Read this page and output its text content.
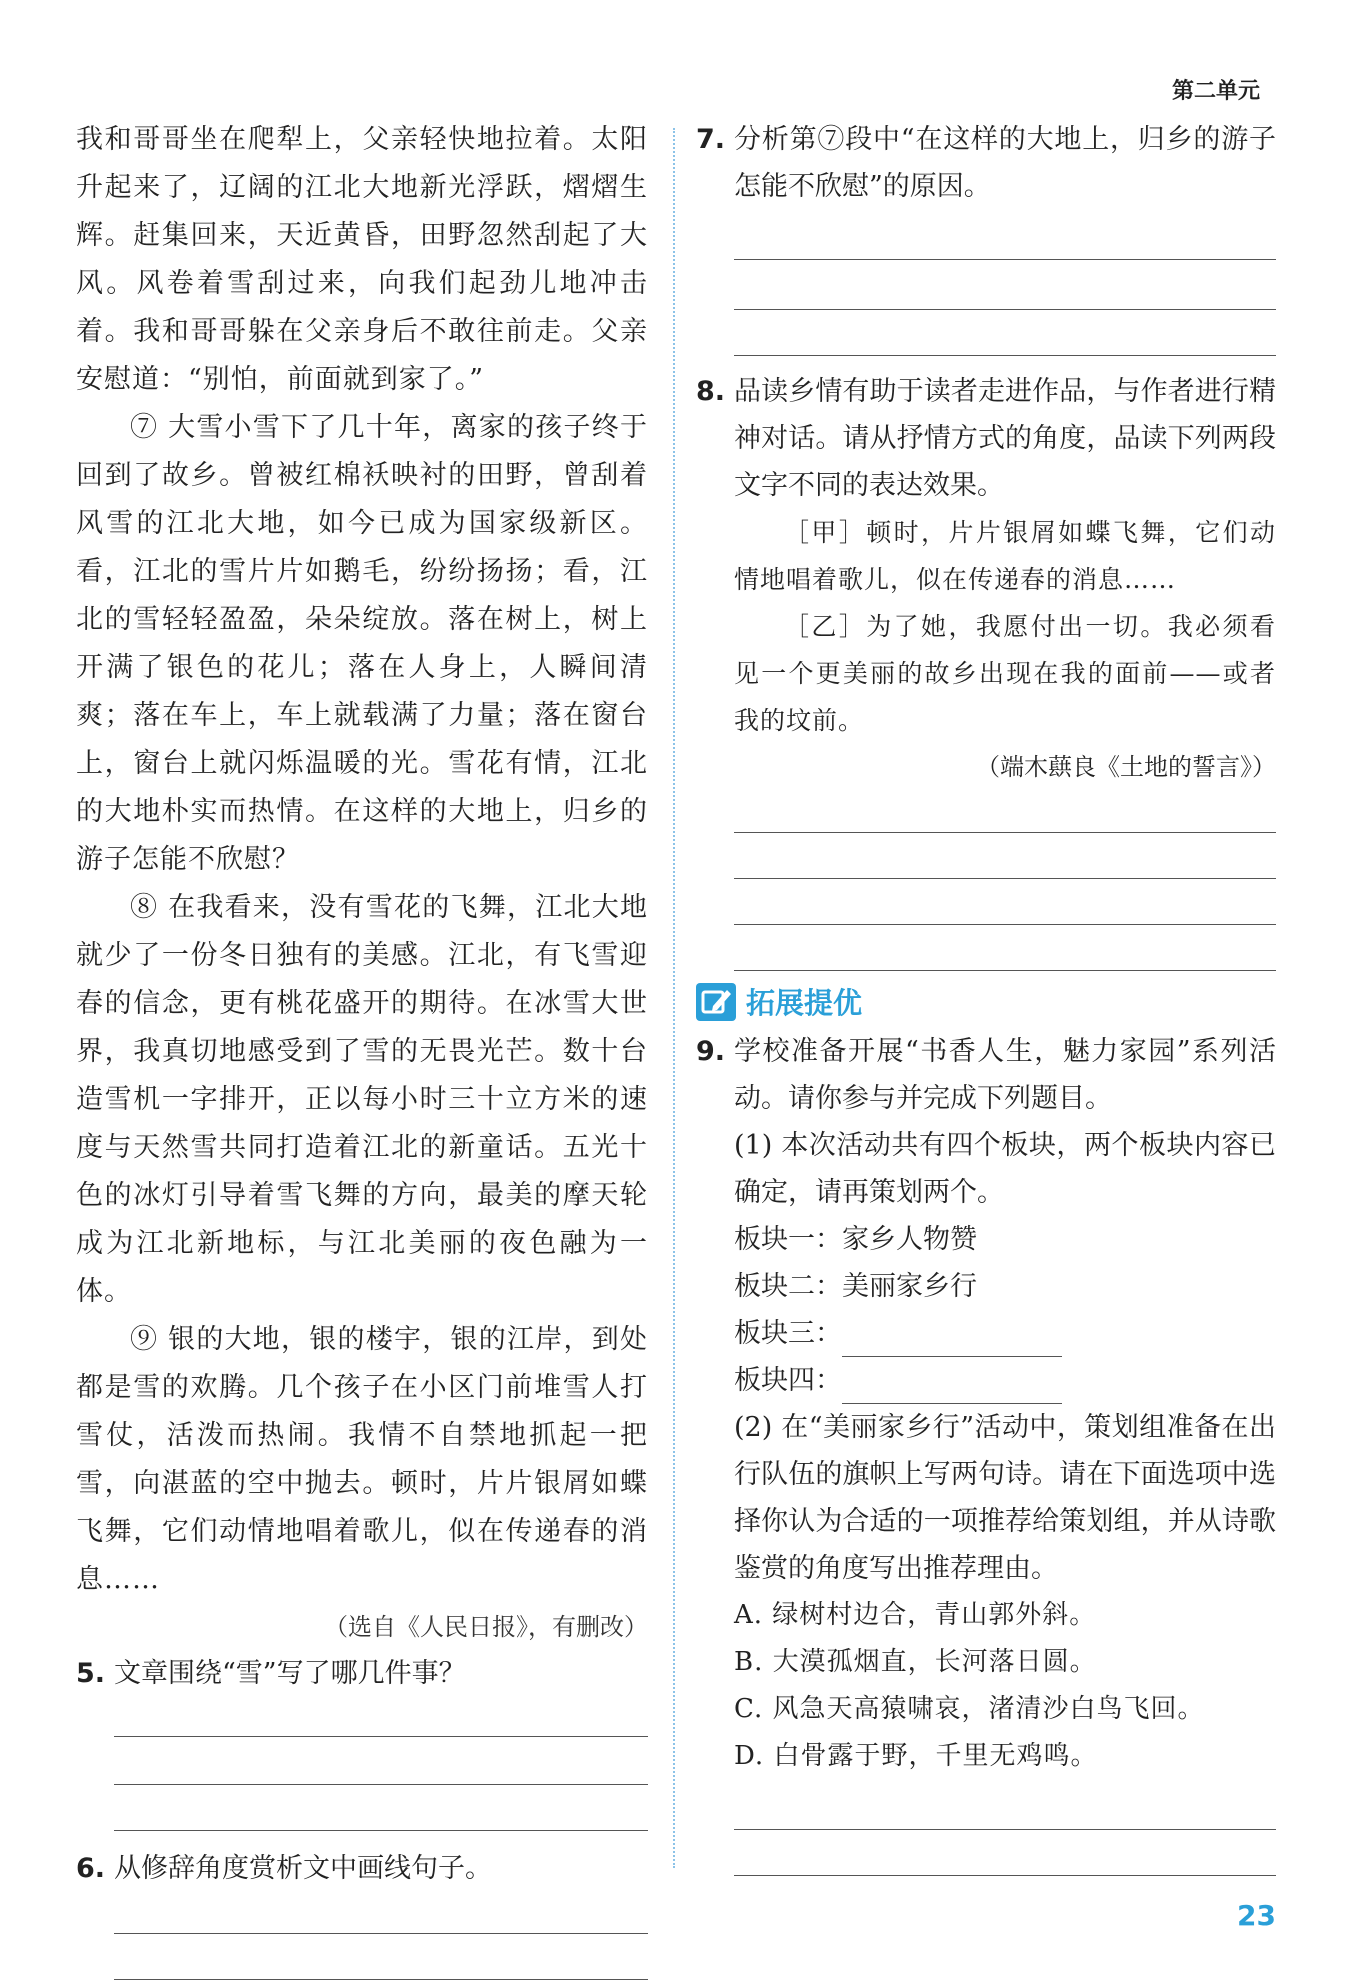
第二单元

我和哥哥坐在爬犁上，父亲轻快地拉着。太阳升起来了，辽阔的江北大地新光浮跃，熠熠生辉。赶集回来，天近黄昏，田野忽然刮起了大风。风卷着雪刮过来，向我们起劲儿地冲击着。我和哥哥躲在父亲身后不敢往前走。父亲安慰道：“别怕，前面就到家了。”

⑦ 大雪小雪下了几十年，离家的孩子终于回到了故乡。曾被红棉袄映衬的田野，曾刮着风雪的江北大地，如今已成为国家级新区。看，江北的雪片片如鹅毛，纷纷扬扬；看，江北的雪轻轻盈盈，朵朵绽放。落在树上，树上开满了银色的花儿；落在人身上，人瞬间清爽；落在车上，车上就载满了力量；落在窗台上，窗台上就闪烁温暖的光。雪花有情，江北的大地朴实而热情。在这样的大地上，归乡的游子怎能不欣慰？

⑧ 在我看来，没有雪花的飞舞，江北大地就少了一份冬日独有的美感。江北，有飞雪迎春的信念，更有桃花盛开的期待。在冰雪大世界，我真切地感受到了雪的无畏光芒。数十台造雪机一字排开，正以每小时三十立方米的速度与天然雪共同打造着江北的新童话。五光十色的冰灯引导着雪飞舞的方向，最美的摩天轮成为江北新地标，与江北美丽的夜色融为一体。

⑨ 银的大地，银的楼宇，银的江岸，到处都是雪的欢腾。几个孩子在小区门前堆雪人打雪仗，活泼而热闹。我情不自禁地抓起一把雪，向湛蓝的空中抛去。顿时，片片银屑如蝶飞舞，它们动情地唱着歌儿，似在传递春的消息……

（选自《人民日报》，有删改）

5. 文章围绕“雪”写了哪几件事？
6. 从修辞角度赏析文中画线句子。
7. 分析第⑦段中“在这样的大地上，归乡的游子怎能不欣慰”的原因。
8. 品读乡情有助于读者走进作品，与作者进行精神对话。请从抒情方式的角度，品读下列两段文字不同的表达效果。
［甲］顿时，片片银屑如蝶飞舞，它们动情地唱着歌儿，似在传递春的消息……
［乙］为了她，我愿付出一切。我必须看见一个更美丽的故乡出现在我的面前——或者我的坟前。
（端木蕻良《土地的誓言》）
拓展提优
9. 学校准备开展“书香人生，魅力家园”系列活动。请你参与并完成下列题目。
(1) 本次活动共有四个板块，两个板块内容已确定，请再策划两个。
板块一：家乡人物赞
板块二：美丽家乡行
板块三：
板块四：
(2) 在“美丽家乡行”活动中，策划组准备在出行队伍的旗帜上写两句诗。请在下面选项中选择你认为合适的一项推荐给策划组，并从诗歌鉴赏的角度写出推荐理由。
A. 绿树村边合，青山郭外斜。
B. 大漠孤烟直，长河落日圆。
C. 风急天高猿啸哀，渚清沙白鸟飞回。
D. 白骨露于野，千里无鸡鸣。
23
